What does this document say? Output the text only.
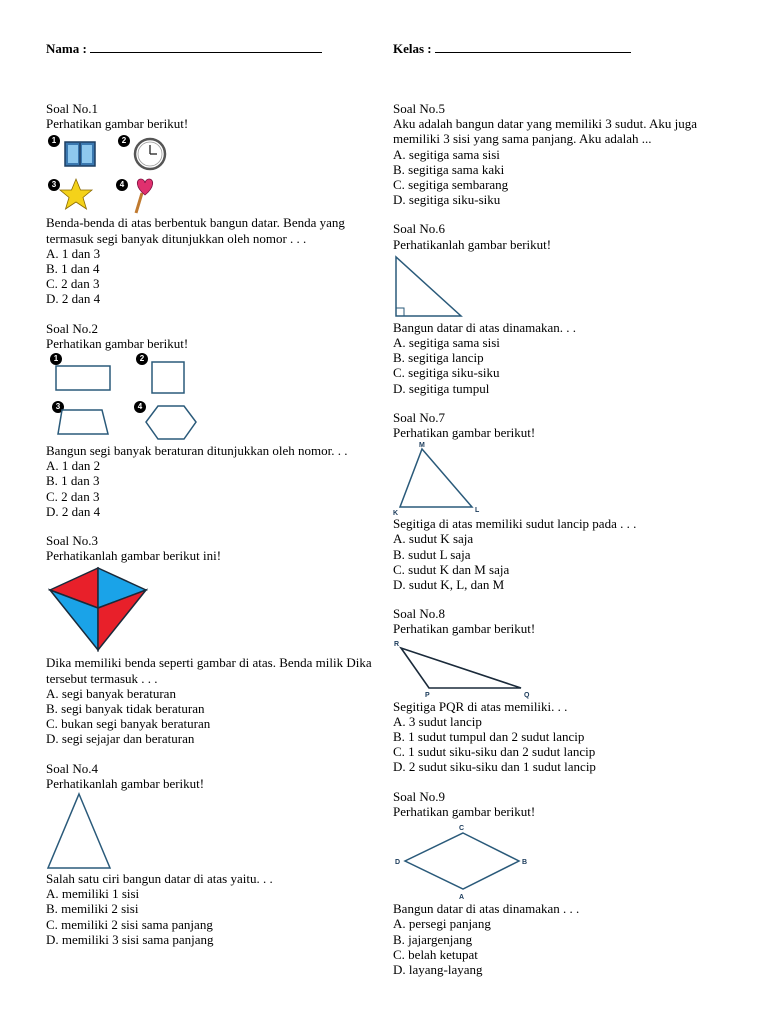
Nama :	Kelas :

Soal No.1

Perhatikan gambar berikut!

1	2
3	4

Benda-benda di atas berbentuk bangun datar. Benda yang termasuk segi banyak ditunjukkan oleh nomor . . .

A. 1 dan 3

B. 1 dan 4

C. 2 dan 3

D. 2 dan 4

Soal No.2

Perhatikan gambar berikut!

1	2
3	4

Bangun segi banyak beraturan ditunjukkan oleh nomor. . .

A. 1 dan 2

B. 1 dan 3

C. 2 dan 3

D. 2 dan 4

Soal No.3

Perhatikanlah gambar berikut ini!

Dika memiliki benda seperti gambar di atas. Benda milik Dika tersebut termasuk . . .

A. segi banyak beraturan

B. segi banyak tidak beraturan

C. bukan segi banyak beraturan

D. segi sejajar dan beraturan

Soal No.4

Perhatikanlah gambar berikut!

Salah satu ciri bangun datar di atas yaitu. . .

A. memiliki 1 sisi

B. memiliki 2 sisi

C. memiliki 2 sisi sama panjang

D. memiliki 3 sisi sama panjang

Soal No.5

Aku adalah bangun datar yang memiliki 3 sudut. Aku juga memiliki 3 sisi yang sama panjang. Aku adalah ...

A. segitiga sama sisi

B. segitiga sama kaki

C. segitiga sembarang

D. segitiga siku-siku

Soal No.6

Perhatikanlah gambar berikut!

Bangun datar di atas dinamakan. . .

A. segitiga sama sisi

B. segitiga lancip

C. segitiga siku-siku

D. segitiga tumpul

Soal No.7

Perhatikan gambar berikut!

M
K	L

Segitiga di atas memiliki sudut lancip pada . . .

A. sudut K saja

B. sudut L saja

C. sudut K dan M saja

D. sudut K, L, dan M

Soal No.8

Perhatikan gambar berikut!

R
P	Q

Segitiga PQR di atas memiliki. . .

A. 3 sudut lancip

B. 1 sudut tumpul dan 2 sudut lancip

C. 1 sudut siku-siku dan 2 sudut lancip

D. 2 sudut siku-siku dan 1 sudut lancip

Soal No.9

Perhatikan gambar berikut!

C
D	B
A

Bangun datar di atas dinamakan . . .

A. persegi panjang

B. jajargenjang

C. belah ketupat

D. layang-layang
